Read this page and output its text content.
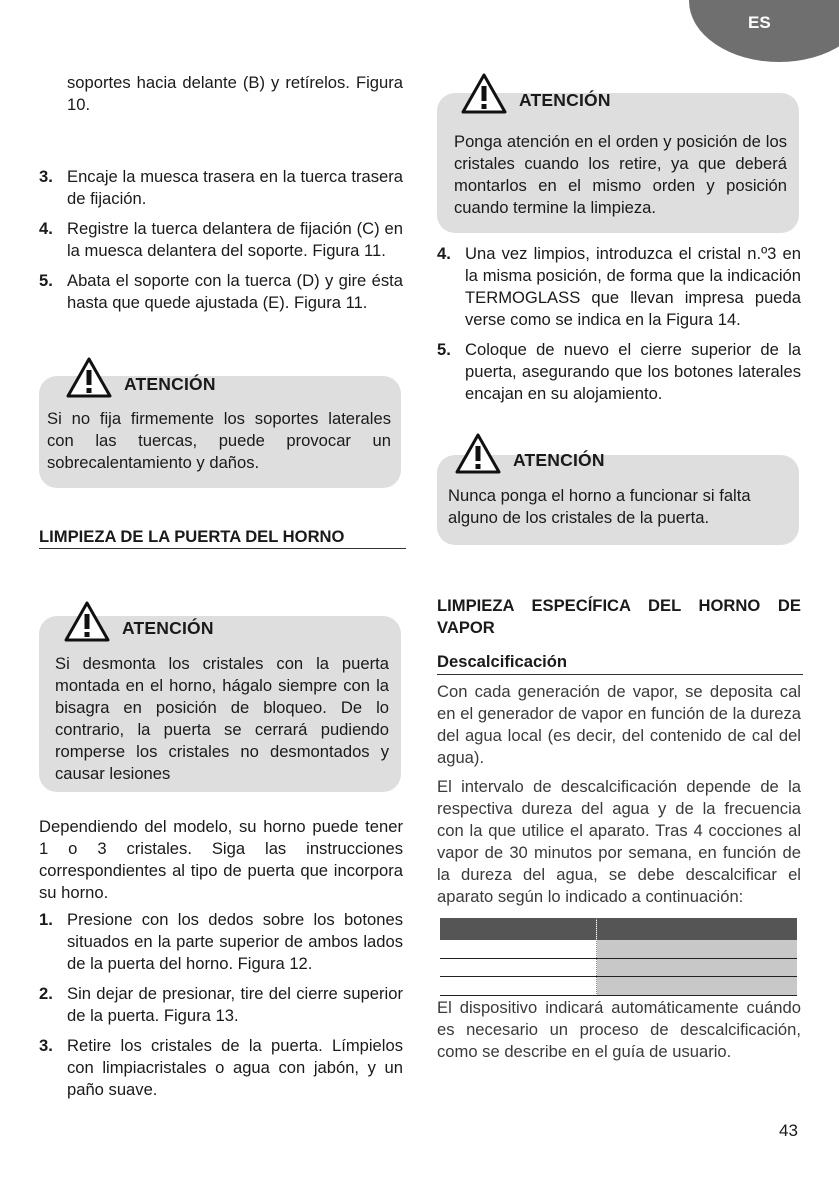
ES

soportes hacia delante (B) y retírelos. Figura 10.

3. Encaje la muesca trasera en la tuerca trasera de fijación.
4. Registre la tuerca delantera de fijación (C) en la muesca delantera del soporte. Figura 11.
5. Abata el soporte con la tuerca (D) y gire ésta hasta que quede ajustada (E). Figura 11.
Si no fija firmemente los soportes laterales con las tuercas, puede provocar un sobrecalentamiento y daños.
ATENCIÓN
LIMPIEZA DE LA PUERTA DEL HORNO
Si desmonta los cristales con la puerta montada en el horno, hágalo siempre con la bisagra en posición de bloqueo. De lo contrario, la puerta se cerrará pudiendo romperse los cristales no desmontados y causar lesiones
ATENCIÓN

Dependiendo del modelo, su horno puede tener 1 o 3 cristales. Siga las instrucciones correspondientes al tipo de puerta que incorpora su horno.

1. Presione con los dedos sobre los botones situados en la parte superior de ambos lados de la puerta del horno. Figura 12.
2. Sin dejar de presionar, tire del cierre superior de la puerta. Figura 13.
3. Retire los cristales de la puerta. Límpielos con limpiacristales o agua con jabón, y un paño suave.
Ponga atención en el orden y posición de los cristales cuando los retire, ya que deberá montarlos en el mismo orden y posición cuando termine la limpieza.
ATENCIÓN
4. Una vez limpios, introduzca el cristal n.º3 en la misma posición, de forma que la indicación TERMOGLASS que llevan impresa pueda verse como se indica en la Figura 14.
5. Coloque de nuevo el cierre superior de la puerta, asegurando que los botones laterales encajan en su alojamiento.
Nunca ponga el horno a funcionar si falta alguno de los cristales de la puerta.
ATENCIÓN
LIMPIEZA ESPECÍFICA DEL HORNO DE VAPOR
Descalcificación

Con cada generación de vapor, se deposita cal en el generador de vapor en función de la dureza del agua local (es decir, del contenido de cal del agua).

El intervalo de descalcificación depende de la respectiva dureza del agua y de la frecuencia con la que utilice el aparato. Tras 4 cocciones al vapor de 30 minutos por semana, en función de la dureza del agua, se debe descalcificar el aparato según lo indicado a continuación:

El dispositivo indicará automáticamente cuándo es necesario un proceso de descalcificación, como se describe en el guía de usuario.

43
